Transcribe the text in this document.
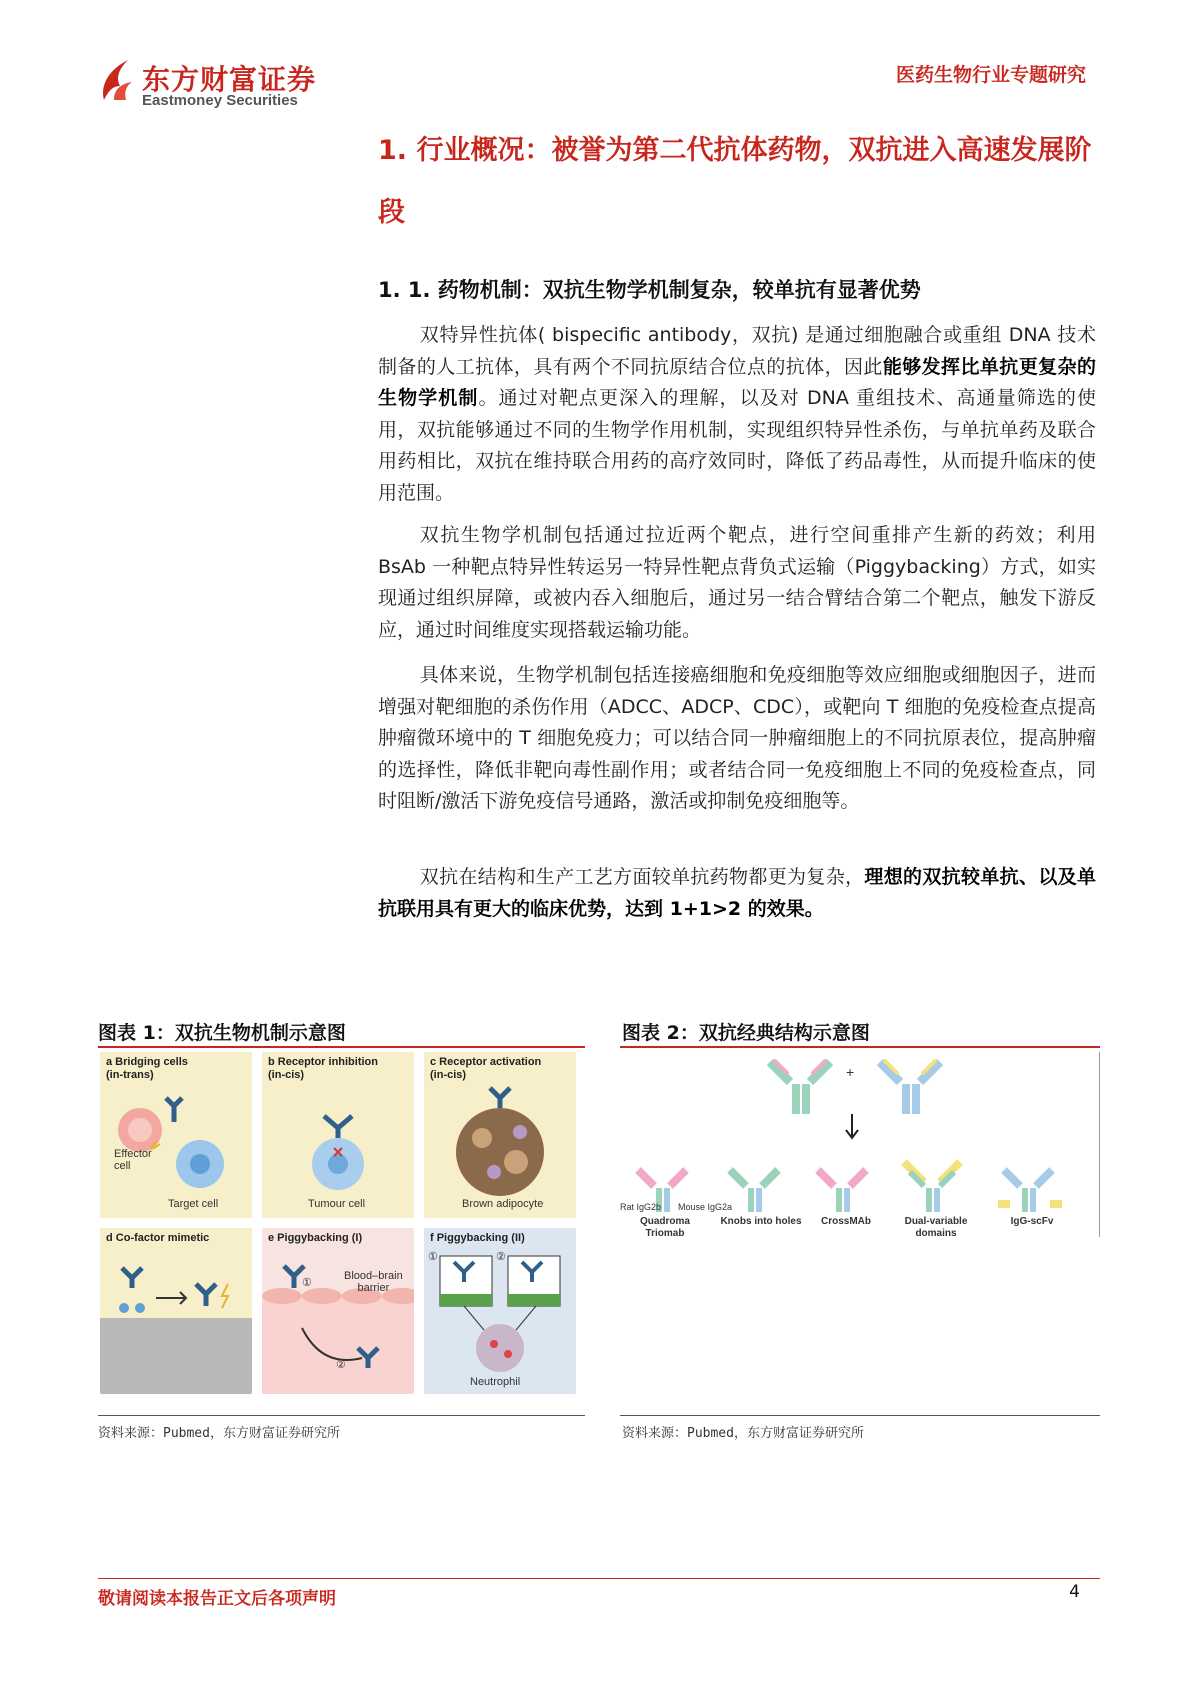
东方财富证券
Eastmoney Securities
医药生物行业专题研究
1. 行业概况：被誉为第二代抗体药物，双抗进入高速发展阶段
1. 1. 药物机制：双抗生物学机制复杂，较单抗有显著优势
双特异性抗体( bispecific antibody，双抗) 是通过细胞融合或重组 DNA 技术制备的人工抗体，具有两个不同抗原结合位点的抗体，因此能够发挥比单抗更复杂的生物学机制。通过对靶点更深入的理解，以及对 DNA 重组技术、高通量筛选的使用，双抗能够通过不同的生物学作用机制，实现组织特异性杀伤，与单抗单药及联合用药相比，双抗在维持联合用药的高疗效同时，降低了药品毒性，从而提升临床的使用范围。
双抗生物学机制包括通过拉近两个靶点，进行空间重排产生新的药效；利用 BsAb 一种靶点特异性转运另一特异性靶点背负式运输（Piggybacking）方式，如实现通过组织屏障，或被内吞入细胞后，通过另一结合臂结合第二个靶点，触发下游反应，通过时间维度实现搭载运输功能。
具体来说，生物学机制包括连接癌细胞和免疫细胞等效应细胞或细胞因子，进而增强对靶细胞的杀伤作用（ADCC、ADCP、CDC），或靶向 T 细胞的免疫检查点提高肿瘤微环境中的 T 细胞免疫力；可以结合同一肿瘤细胞上的不同抗原表位，提高肿瘤的选择性，降低非靶向毒性副作用；或者结合同一免疫细胞上不同的免疫检查点，同时阻断/激活下游免疫信号通路，激活或抑制免疫细胞等。
双抗在结构和生产工艺方面较单抗药物都更为复杂，理想的双抗较单抗、以及单抗联用具有更大的临床优势，达到 1+1>2 的效果。
图表 1：双抗生物机制示意图
a Bridging cells
(in-trans)
Effector
cell
Target cell
b Receptor inhibition
(in-cis)
Tumour cell
c Receptor activation
(in-cis)
Brown adipocyte
d Co-factor mimetic	e Piggybacking (I)
①
②
Blood–brain
barrier
f Piggybacking (II)
①	②
Neutrophil
资料来源：Pubmed，东方财富证券研究所
图表 2：双抗经典结构示意图
+
Rat IgG2b Mouse IgG2a
Quadroma
Triomab
Knobs into holes	CrossMAb	Dual-variable
domains
IgG-scFv
资料来源：Pubmed，东方财富证券研究所
敬请阅读本报告正文后各项声明	4
